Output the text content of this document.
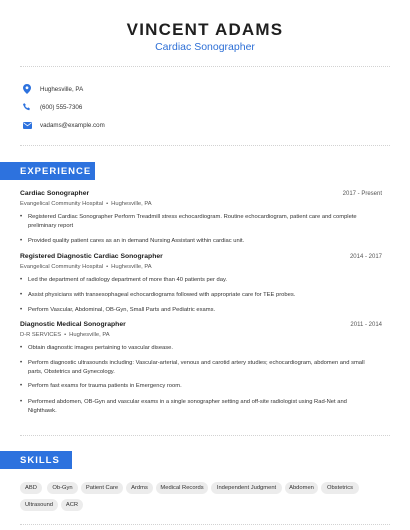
VINCENT ADAMS
Cardiac Sonographer
Hughesville, PA
(600) 555-7306
vadams@example.com
EXPERIENCE
Cardiac Sonographer	2017 - Present
Evangelical Community Hospital • Hughesville, PA
•	Registered Cardiac Sonographer Perform Treadmill stress echocardiogram. Routine echocardiogram, patient care and complete preliminary report
•	Provided quality patient cares as an in demand Nursing Assistant within cardiac unit.
Registered Diagnostic Cardiac Sonographer	2014 - 2017
Evangelical Community Hospital • Hughesville, PA
•	Led the department of radiology department of more than 40 patients per day.
•	Assist physicians with transesophageal echocardiograms followed with appropriate care for TEE probes.
•	Perform Vascular, Abdominal, OB-Gyn, Small Parts and Pediatric exams.
Diagnostic Medical Sonographer	2011 - 2014
D-R SERVICES • Hughesville, PA
•	Obtain diagnostic images pertaining to vascular disease.
•	Perform diagnostic ultrasounds including: Vascular-arterial, venous and carotid artery studies; echocardiogram, abdomen and small parts, Obstetrics and Gynecology.
•	Perform fast exams for trauma patients in Emergency room.
•	Performed abdomen, OB-Gyn and vascular exams in a single sonographer setting and off-site radiologist using Rad-Net and Nighthawk.
SKILLS
ABD	Ob-Gyn	Patient Care	Ardms	Medical Records	Independent Judgment	Abdomen	Obstetrics
Ultrasound	ACR
